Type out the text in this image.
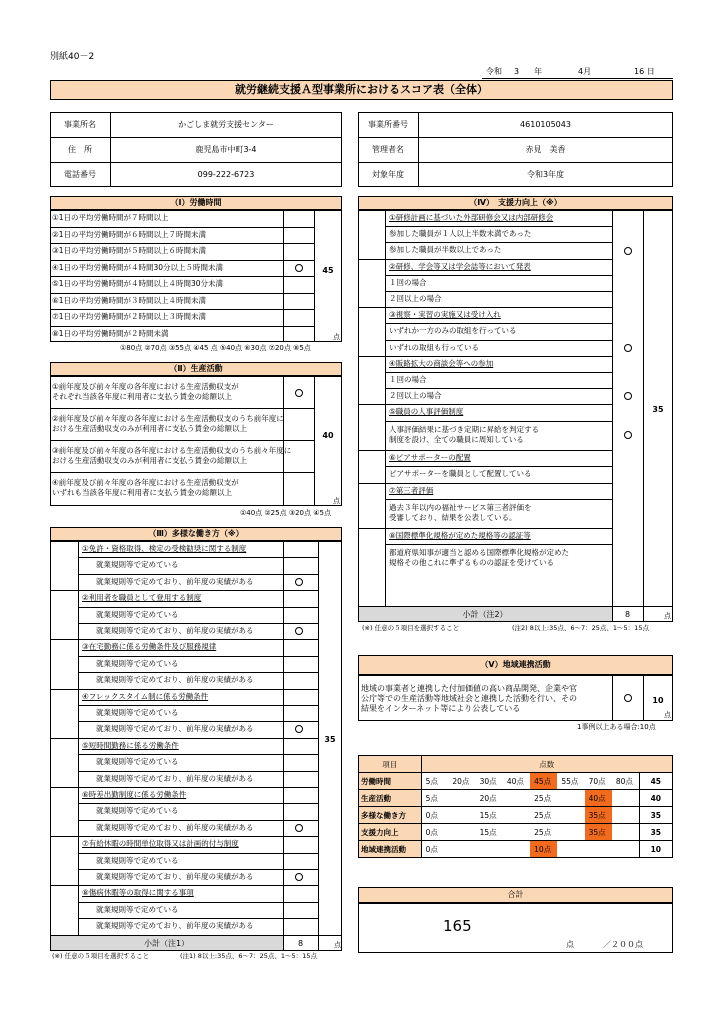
別紙40－2
令和 3 年	4月	16 日
就労継続支援Ａ型事業所におけるスコア表（全体）
事業所名	かごしま就労支援センター
住　所	鹿児島市中町3-4
電話番号	099-222-6723
事業所番号	4610105043
管理者名	赤見　美香
対象年度	令和3年度
（Ⅰ）労働時間
①1日の平均労働時間が７時間以上
②1日の平均労働時間が６時間以上７時間未満
③1日の平均労働時間が５時間以上６時間未満
④1日の平均労働時間が４時間30分以上５時間未満
⑤1日の平均労働時間が４時間以上４時間30分未満
⑥1日の平均労働時間が３時間以上４時間未満
⑦1日の平均労働時間が２時間以上３時間未満
⑧1日の平均労働時間が２時間未満
45
点
①80点 ②70点 ③55点 ④45 点 ⑤40点 ⑥30点 ⑦20点 ⑧5点
（Ⅱ）生産活動
①前年度及び前々年度の各年度における生産活動収支が
それぞれ当該各年度に利用者に支払う賃金の総額以上
②前年度及び前々年度の各年度における生産活動収支のうち前年度に
おける生産活動収支のみが利用者に支払う賃金の総額以上
③前年度及び前々年度の各年度における生産活動収支のうち前々年度に
おける生産活動収支のみが利用者に支払う賃金の総額以上
④前年度及び前々年度の各年度における生産活動収支が
いずれも当該各年度に利用者に支払う賃金の総額以上
40
点
①40点 ②25点 ③20点 ④5点
（Ⅲ）多様な働き方（※）
①免許・資格取得、検定の受検勧奨に関する制度
就業規則等で定めている
就業規則等で定めており、前年度の実績がある
②利用者を職員として登用する制度
就業規則等で定めている
就業規則等で定めており、前年度の実績がある
③在宅勤務に係る労働条件及び服務規律
就業規則等で定めている
就業規則等で定めており、前年度の実績がある
④フレックスタイム制に係る労働条件
就業規則等で定めている
就業規則等で定めており、前年度の実績がある
⑤短時間勤務に係る労働条件
就業規則等で定めている
就業規則等で定めており、前年度の実績がある
⑥時差出勤制度に係る労働条件
就業規則等で定めている
就業規則等で定めており、前年度の実績がある
⑦有給休暇の時間単位取得又は計画的付与制度
就業規則等で定めている
就業規則等で定めており、前年度の実績がある
⑧傷病休暇等の取得に関する事項
就業規則等で定めている
就業規則等で定めており、前年度の実績がある
35
小計（注1）	8	点
(※) 任意の５項目を選択すること	(注1) 8以上:35点、6～7：25点、1～5：15点
（Ⅳ）　支援力向上（※）
①研修計画に基づいた外部研修会又は内部研修会
参加した職員が１人以上半数未満であった
参加した職員が半数以上であった
②研修、学会等又は学会誌等において発表
１回の場合
２回以上の場合
③視察・実習の実施又は受け入れ
いずれか一方のみの取組を行っている
いずれの取組も行っている
④販路拡大の商談会等への参加
１回の場合
２回以上の場合
⑤職員の人事評価制度
人事評価結果に基づき定期に昇給を判定する
制度を設け、全ての職員に周知している
⑥ピアサポーターの配置
ピアサポーターを職員として配置している
⑦第三者評価
過去３年以内の福祉サービス第三者評価を
受審しており、結果を公表している。
⑧国際標準化規格が定めた規格等の認証等
都道府県知事が適当と認める国際標準化規格が定めた
規格その他これに準ずるものの認証を受けている
35
小計（注2）	8	点
(※) 任意の５項目を選択すること	(注2) 8以上:35点、6～7：25点、1～5：15点
（Ⅴ）地域連携活動
地域の事業者と連携した付加価値の高い商品開発、企業や官
公庁等での生産活動等地域社会と連携した活動を行い、その
結果をインターネット等により公表している
10
点
1事例以上ある場合:10点
項目	点数								
労働時間	5点	20点	30点	40点	45点	55点	70点	80点	45
生産活動	5点		20点		25点		40点		40
多様な働き方	0点		15点		25点		35点		35
支援力向上	0点		15点		25点		35点		35
地域連携活動	0点				10点				10
合計
165
点	／２００点
